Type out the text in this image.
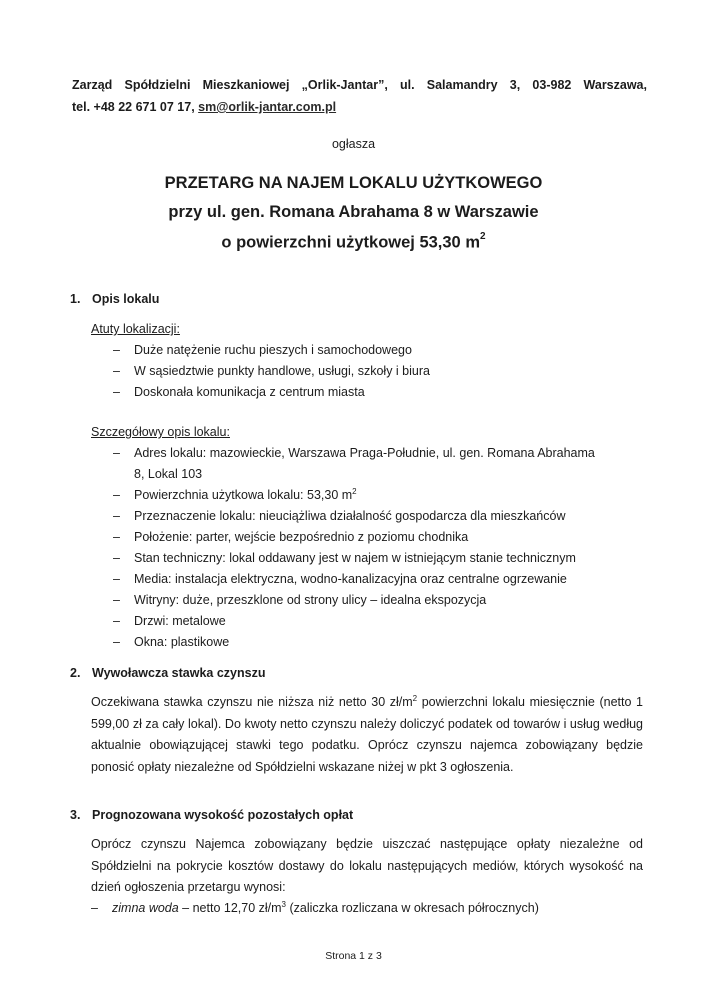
Zarząd Spółdzielni Mieszkaniowej „Orlik-Jantar”, ul. Salamandry 3, 03-982 Warszawa,
tel. +48 22 671 07 17, sm@orlik-jantar.com.pl
ogłasza
PRZETARG NA NAJEM LOKALU UŻYTKOWEGO
przy ul. gen. Romana Abrahama 8 w Warszawie
o powierzchni użytkowej 53,30 $m^2$
1. Opis lokalu
Atuty lokalizacji:
– Duże natężenie ruchu pieszych i samochodowego
– W sąsiedztwie punkty handlowe, usługi, szkoły i biura
– Doskonała komunikacja z centrum miasta
Szczegółowy opis lokalu:
– Adres lokalu: mazowieckie, Warszawa Praga-Południe, ul. gen. Romana Abrahama
8, Lokal 103
– Powierzchnia użytkowa lokalu: 53,30 $m^2$
– Przeznaczenie lokalu: nieuciążliwa działalność gospodarcza dla mieszkańców
– Położenie: parter, wejście bezpośrednio z poziomu chodnika
– Stan techniczny: lokal oddawany jest w najem w istniejącym stanie technicznym
– Media: instalacja elektryczna, wodno-kanalizacyjna oraz centralne ogrzewanie
– Witryny: duże, przeszklone od strony ulicy – idealna ekspozycja
– Drzwi: metalowe
– Okna: plastikowe
2. Wywoławcza stawka czynszu

Oczekiwana stawka czynszu nie niższa niż netto 30 $zł/m^2$ powierzchni lokalu miesięcznie (netto 1 599,00 zł za cały lokal). Do kwoty netto czynszu należy doliczyć podatek od towarów i usług według aktualnie obowiązującej stawki tego podatku. Oprócz czynszu najemca zobowiązany będzie ponosić opłaty niezależne od Spółdzielni wskazane niżej w pkt 3 ogłoszenia.

3. Prognozowana wysokość pozostałych opłat

Oprócz czynszu Najemca zobowiązany będzie uiszczać następujące opłaty niezależne od Spółdzielni na pokrycie kosztów dostawy do lokalu następujących mediów, których wysokość na dzień ogłoszenia przetargu wynosi:

– zimna woda – netto 12,70 $zł/m^3$ (zaliczka rozliczana w okresach półrocznych)
Strona 1 z 3
